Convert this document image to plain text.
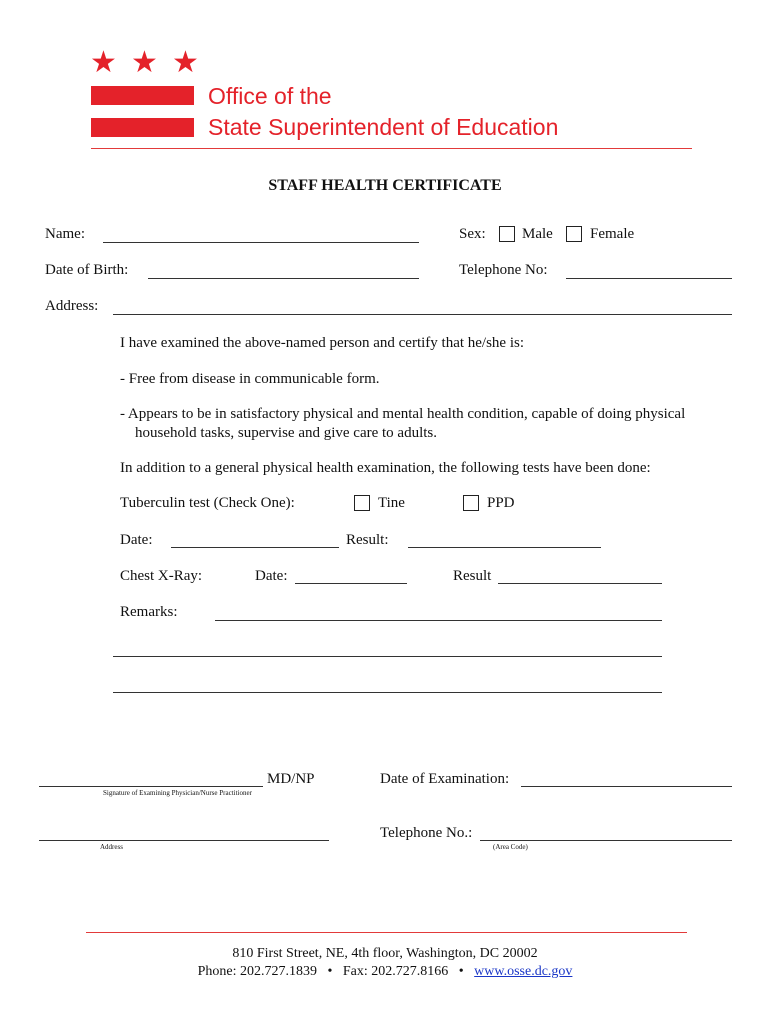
★ ★ ★
Office of the
State Superintendent of Education
STAFF HEALTH CERTIFICATE
Name:	Sex: Male Female
Date of Birth:	Telephone No:
Address:
I have examined the above-named person and certify that he/she is:
- Free from disease in communicable form.
- Appears to be in satisfactory physical and mental health condition, capable of doing physical
household tasks, supervise and give care to adults.
In addition to a general physical health examination, the following tests have been done:
Tuberculin test (Check One):	Tine	PPD
Date:	Result:
Chest X-Ray:	Date:	Result
Remarks:
MD/NP
Signature of Examining Physician/Nurse Practitioner
Date of Examination:
Address
Telephone No.:
(Area Code)
810 First Street, NE, 4th floor, Washington, DC 20002
Phone: 202.727.1839 • Fax: 202.727.8166 • www.osse.dc.gov
